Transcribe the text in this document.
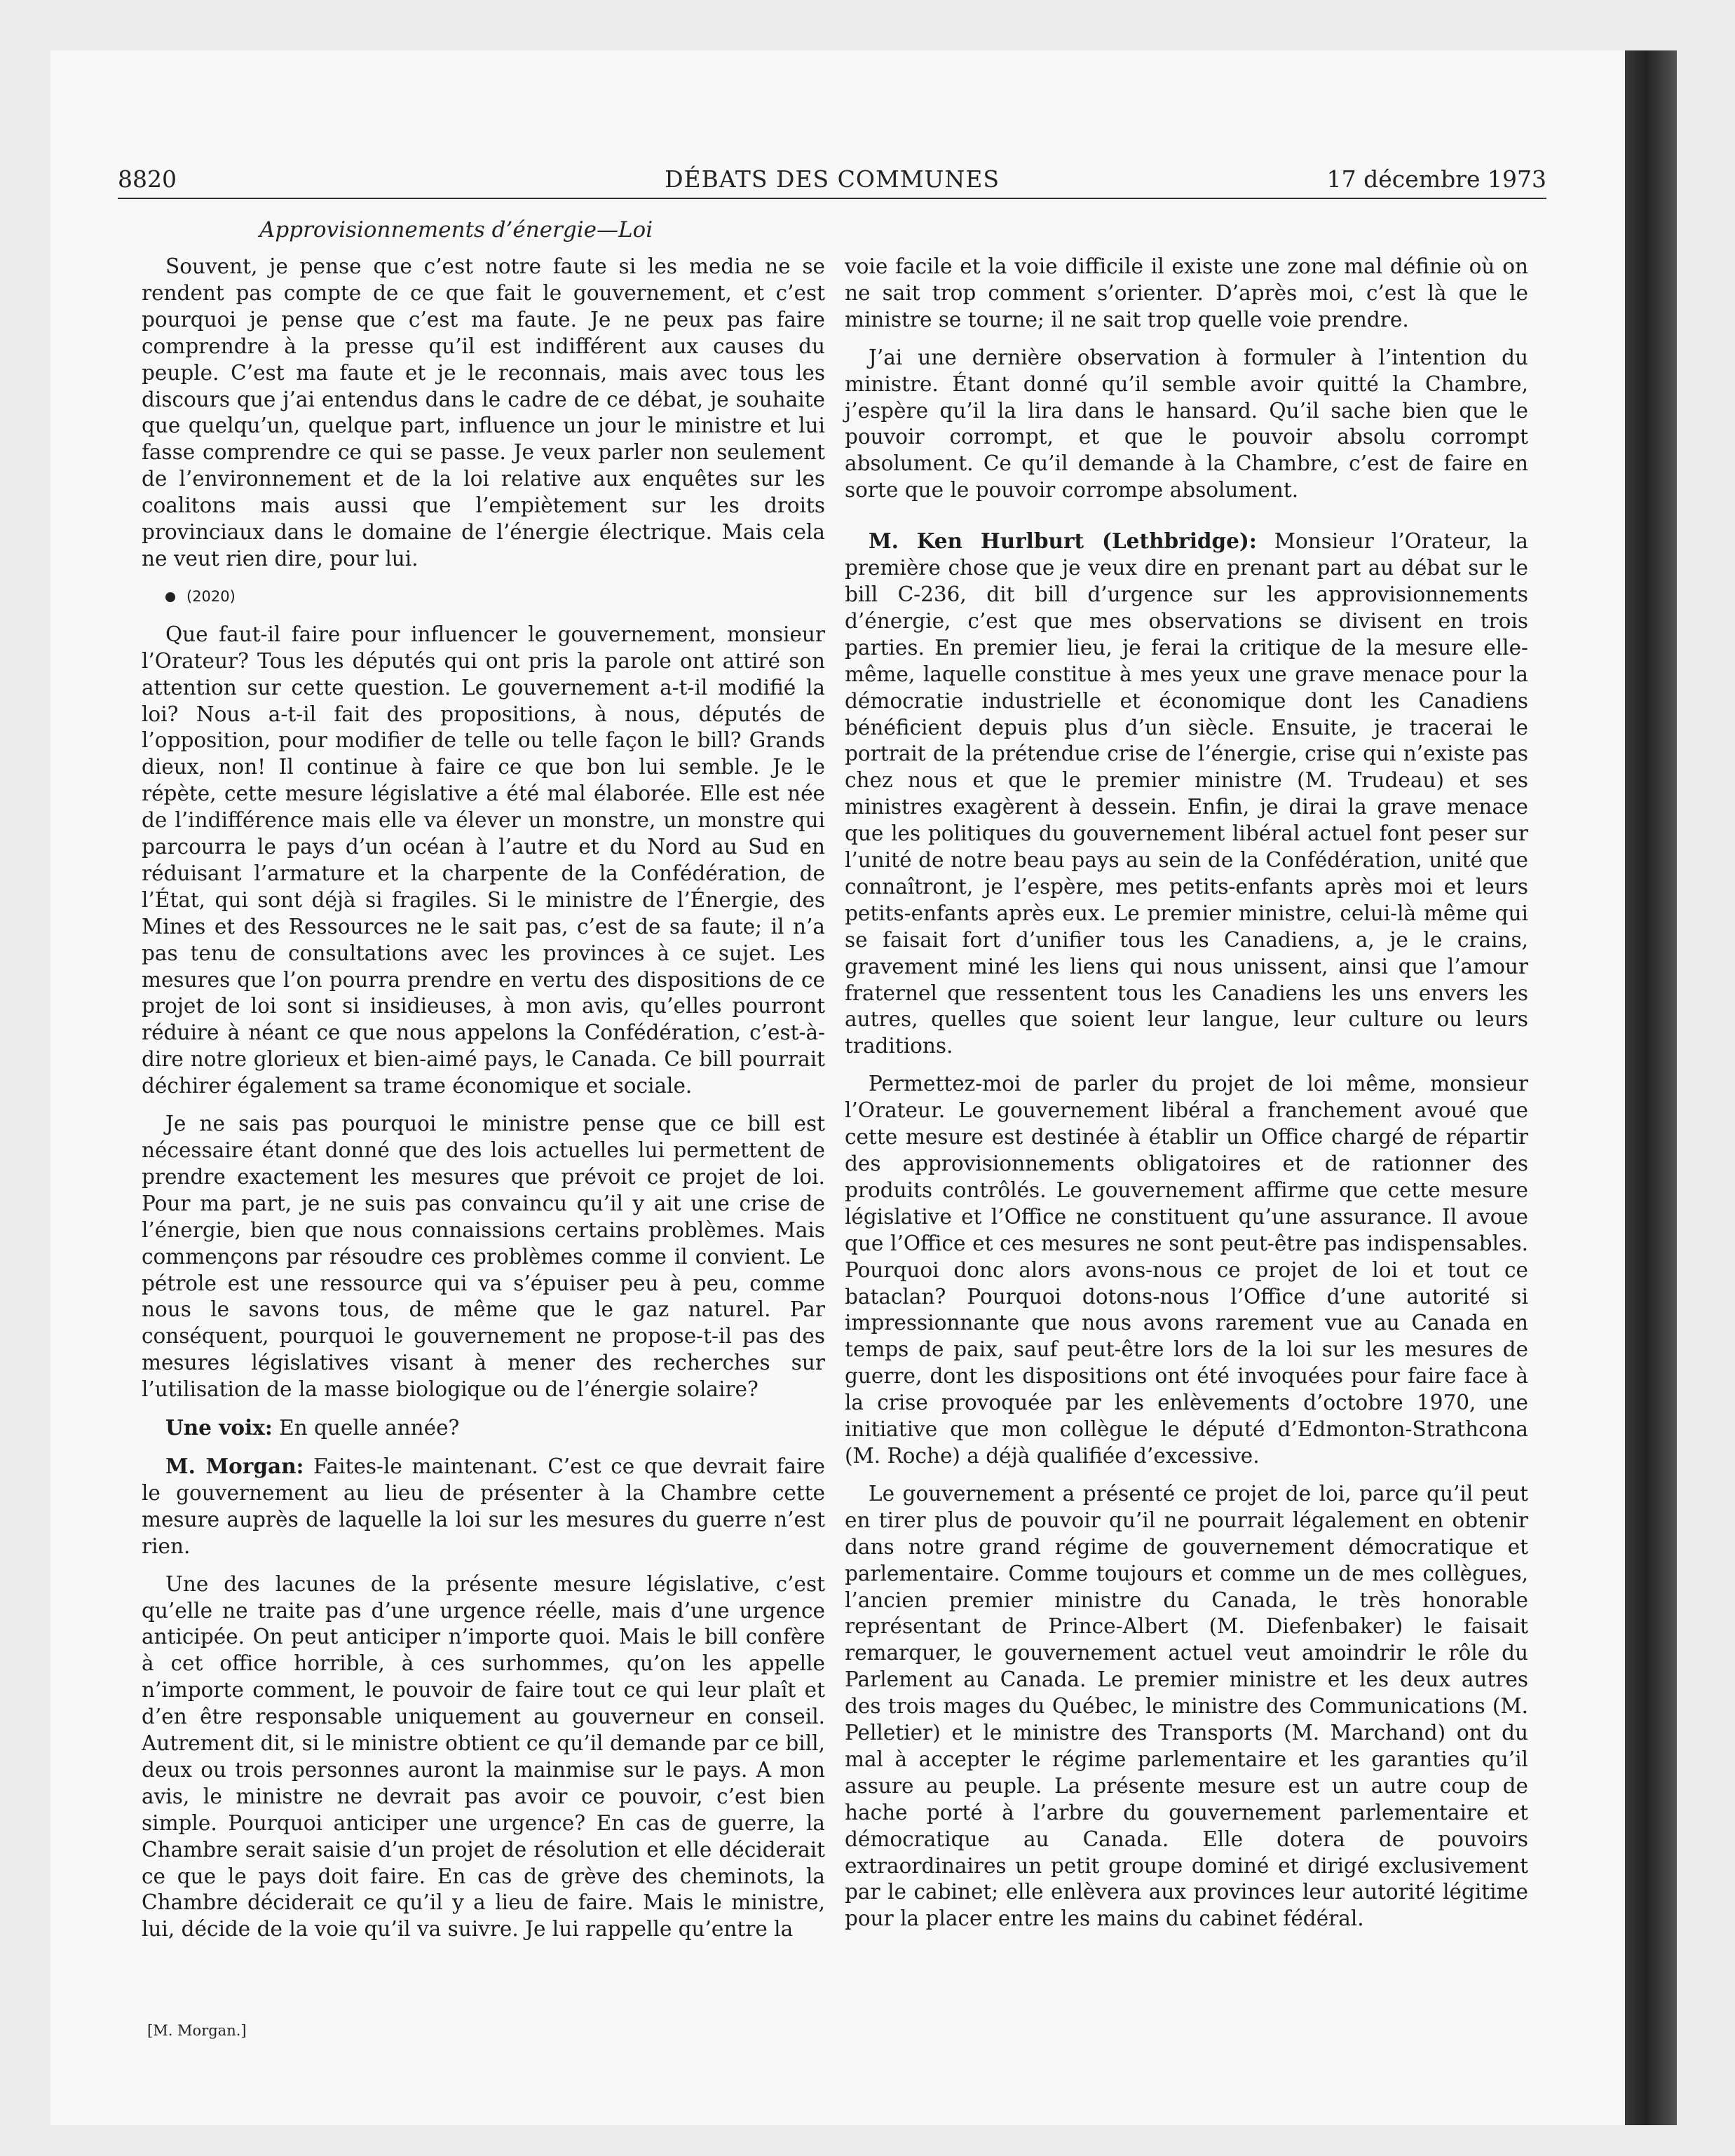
8820	DÉBATS DES COMMUNES	17 décembre 1973
Approvisionnements d’énergie—Loi

Souvent, je pense que c’est notre faute si les media ne se rendent pas compte de ce que fait le gouvernement, et c’est pourquoi je pense que c’est ma faute. Je ne peux pas faire comprendre à la presse qu’il est indifférent aux causes du peuple. C’est ma faute et je le reconnais, mais avec tous les discours que j’ai entendus dans le cadre de ce débat, je souhaite que quelqu’un, quelque part, influence un jour le ministre et lui fasse comprendre ce qui se passe. Je veux parler non seulement de l’environnement et de la loi relative aux enquêtes sur les coalitons mais aussi que l’empiètement sur les droits provinciaux dans le domaine de l’énergie électrique. Mais cela ne veut rien dire, pour lui.

(2020)

Que faut-il faire pour influencer le gouvernement, monsieur l’Orateur? Tous les députés qui ont pris la parole ont attiré son attention sur cette question. Le gouvernement a-t-il modifié la loi? Nous a-t-il fait des propositions, à nous, députés de l’opposition, pour modifier de telle ou telle façon le bill? Grands dieux, non! Il continue à faire ce que bon lui semble. Je le répète, cette mesure législative a été mal élaborée. Elle est née de l’indifférence mais elle va élever un monstre, un monstre qui parcourra le pays d’un océan à l’autre et du Nord au Sud en réduisant l’armature et la charpente de la Confédération, de l’État, qui sont déjà si fragiles. Si le ministre de l’Énergie, des Mines et des Ressources ne le sait pas, c’est de sa faute; il n’a pas tenu de consultations avec les provinces à ce sujet. Les mesures que l’on pourra prendre en vertu des dispositions de ce projet de loi sont si insidieuses, à mon avis, qu’elles pourront réduire à néant ce que nous appelons la Confédération, c’est-à-dire notre glorieux et bien-aimé pays, le Canada. Ce bill pourrait déchirer également sa trame économique et sociale.

Je ne sais pas pourquoi le ministre pense que ce bill est nécessaire étant donné que des lois actuelles lui permettent de prendre exactement les mesures que prévoit ce projet de loi. Pour ma part, je ne suis pas convaincu qu’il y ait une crise de l’énergie, bien que nous connaissions certains problèmes. Mais commençons par résoudre ces problèmes comme il convient. Le pétrole est une ressource qui va s’épuiser peu à peu, comme nous le savons tous, de même que le gaz naturel. Par conséquent, pourquoi le gouvernement ne propose-t-il pas des mesures législatives visant à mener des recherches sur l’utilisation de la masse biologique ou de l’énergie solaire?

Une voix: En quelle année?

M. Morgan: Faites-le maintenant. C’est ce que devrait faire le gouvernement au lieu de présenter à la Chambre cette mesure auprès de laquelle la loi sur les mesures du guerre n’est rien.

Une des lacunes de la présente mesure législative, c’est qu’elle ne traite pas d’une urgence réelle, mais d’une urgence anticipée. On peut anticiper n’importe quoi. Mais le bill confère à cet office horrible, à ces surhommes, qu’on les appelle n’importe comment, le pouvoir de faire tout ce qui leur plaît et d’en être responsable uniquement au gouverneur en conseil. Autrement dit, si le ministre obtient ce qu’il demande par ce bill, deux ou trois personnes auront la mainmise sur le pays. A mon avis, le ministre ne devrait pas avoir ce pouvoir, c’est bien simple. Pourquoi anticiper une urgence? En cas de guerre, la Chambre serait saisie d’un projet de résolution et elle déciderait ce que le pays doit faire. En cas de grève des cheminots, la Chambre déciderait ce qu’il y a lieu de faire. Mais le ministre, lui, décide de la voie qu’il va suivre. Je lui rappelle qu’entre la

voie facile et la voie difficile il existe une zone mal définie où on ne sait trop comment s’orienter. D’après moi, c’est là que le ministre se tourne; il ne sait trop quelle voie prendre.

J’ai une dernière observation à formuler à l’intention du ministre. Étant donné qu’il semble avoir quitté la Chambre, j’espère qu’il la lira dans le hansard. Qu’il sache bien que le pouvoir corrompt, et que le pouvoir absolu corrompt absolument. Ce qu’il demande à la Chambre, c’est de faire en sorte que le pouvoir corrompe absolument.

M. Ken Hurlburt (Lethbridge): Monsieur l’Orateur, la première chose que je veux dire en prenant part au débat sur le bill C-236, dit bill d’urgence sur les approvisionnements d’énergie, c’est que mes observations se divisent en trois parties. En premier lieu, je ferai la critique de la mesure elle-même, laquelle constitue à mes yeux une grave menace pour la démocratie industrielle et économique dont les Canadiens bénéficient depuis plus d’un siècle. Ensuite, je tracerai le portrait de la prétendue crise de l’énergie, crise qui n’existe pas chez nous et que le premier ministre (M. Trudeau) et ses ministres exagèrent à dessein. Enfin, je dirai la grave menace que les politiques du gouvernement libéral actuel font peser sur l’unité de notre beau pays au sein de la Confédération, unité que connaîtront, je l’espère, mes petits-enfants après moi et leurs petits-enfants après eux. Le premier ministre, celui-là même qui se faisait fort d’unifier tous les Canadiens, a, je le crains, gravement miné les liens qui nous unissent, ainsi que l’amour fraternel que ressentent tous les Canadiens les uns envers les autres, quelles que soient leur langue, leur culture ou leurs traditions.

Permettez-moi de parler du projet de loi même, monsieur l’Orateur. Le gouvernement libéral a franchement avoué que cette mesure est destinée à établir un Office chargé de répartir des approvisionnements obligatoires et de rationner des produits contrôlés. Le gouvernement affirme que cette mesure législative et l’Office ne constituent qu’une assurance. Il avoue que l’Office et ces mesures ne sont peut-être pas indispensables. Pourquoi donc alors avons-nous ce projet de loi et tout ce bataclan? Pourquoi dotons-nous l’Office d’une autorité si impressionnante que nous avons rarement vue au Canada en temps de paix, sauf peut-être lors de la loi sur les mesures de guerre, dont les dispositions ont été invoquées pour faire face à la crise provoquée par les enlèvements d’octobre 1970, une initiative que mon collègue le député d’Edmonton-Strathcona (M. Roche) a déjà qualifiée d’excessive.

Le gouvernement a présenté ce projet de loi, parce qu’il peut en tirer plus de pouvoir qu’il ne pourrait légalement en obtenir dans notre grand régime de gouvernement démocratique et parlementaire. Comme toujours et comme un de mes collègues, l’ancien premier ministre du Canada, le très honorable représentant de Prince-Albert (M. Diefenbaker) le faisait remarquer, le gouvernement actuel veut amoindrir le rôle du Parlement au Canada. Le premier ministre et les deux autres des trois mages du Québec, le ministre des Communications (M. Pelletier) et le ministre des Transports (M. Marchand) ont du mal à accepter le régime parlementaire et les garanties qu’il assure au peuple. La présente mesure est un autre coup de hache porté à l’arbre du gouvernement parlementaire et démocratique au Canada. Elle dotera de pouvoirs extraordinaires un petit groupe dominé et dirigé exclusivement par le cabinet; elle enlèvera aux provinces leur autorité légitime pour la placer entre les mains du cabinet fédéral.

[M. Morgan.]
